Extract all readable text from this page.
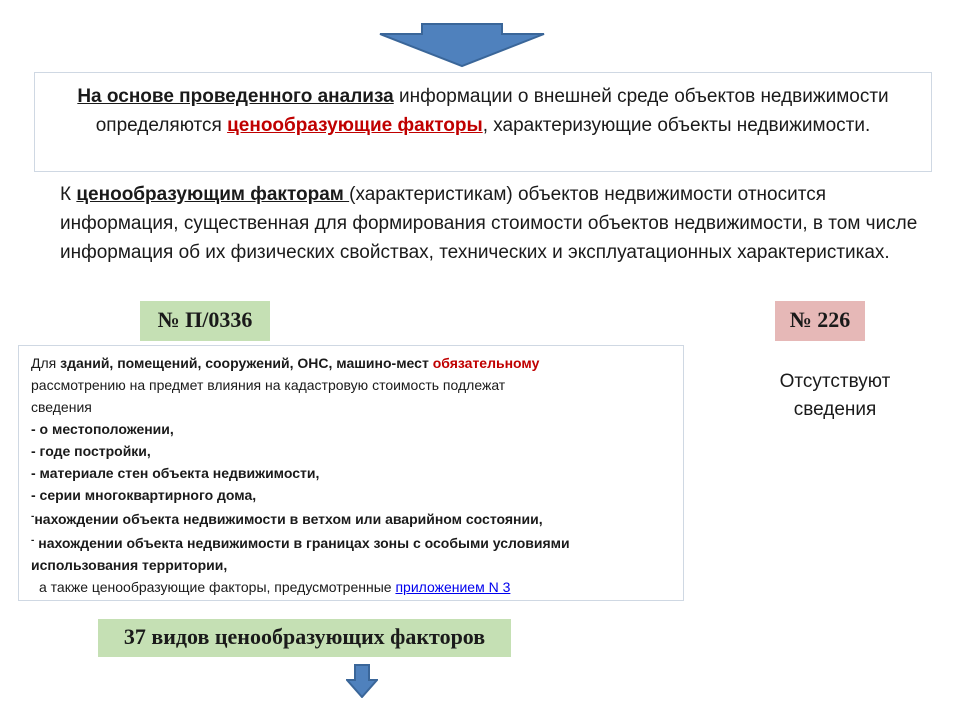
На основе проведенного анализа информации о внешней среде объектов недвижимости определяются ценообразующие факторы, характеризующие объекты недвижимости.
К ценообразующим факторам (характеристикам) объектов недвижимости относится информация, существенная для формирования стоимости объектов недвижимости, в том числе информация об их физических свойствах, технических и эксплуатационных характеристиках.
№ П/0336	№ 226
Отсутствуют сведения
Для зданий, помещений, сооружений, ОНС, машино-мест обязательному
рассмотрению на предмет влияния на кадастровую стоимость подлежат
сведения
- о местоположении,
- годе постройки,
- материале стен объекта недвижимости,
- серии многоквартирного дома,
-нахождении объекта недвижимости в ветхом или аварийном состоянии,
- нахождении объекта недвижимости в границах зоны с особыми условиями
использования территории,
а также ценообразующие факторы, предусмотренные приложением N 3
37 видов ценообразующих факторов
